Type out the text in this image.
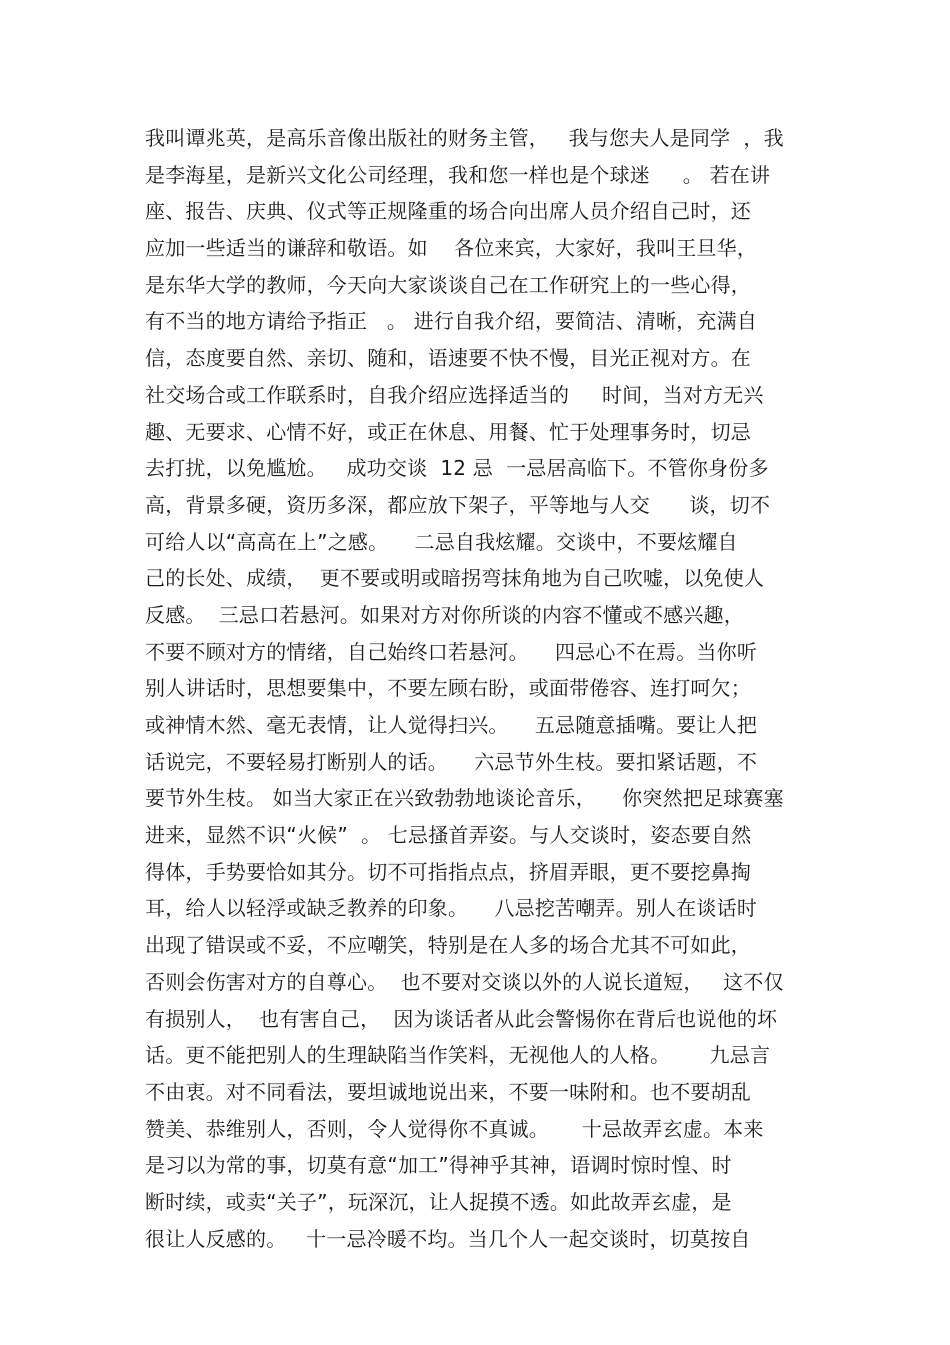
我叫谭兆英，是高乐音像出版社的财务主管，   我与您夫人是同学  ，我
是李海星，是新兴文化公司经理，我和您一样也是个球迷     。 若在讲
座、报告、庆典、仪式等正规隆重的场合向出席人员介绍自己时，还
应加一些适当的谦辞和敬语。如    各位来宾，大家好，我叫王旦华，
是东华大学的教师，今天向大家谈谈自己在工作研究上的一些心得，
有不当的地方请给予指正   。 进行自我介绍，要简洁、清晰，充满自
信，态度要自然、亲切、随和，语速要不快不慢，目光正视对方。在
社交场合或工作联系时，自我介绍应选择适当的     时间，当对方无兴
趣、无要求、心情不好，或正在休息、用餐、忙于处理事务时，切忌
去打扰，以免尴尬。   成功交谈  12 忌  一忌居高临下。不管你身份多
高，背景多硬，资历多深，都应放下架子，平等地与人交      谈，切不
可给人以“高高在上”之感。    二忌自我炫耀。交谈中，不要炫耀自
己的长处、成绩，  更不要或明或暗拐弯抹角地为自己吹嘘，以免使人
反感。  三忌口若悬河。如果对方对你所谈的内容不懂或不感兴趣，
不要不顾对方的情绪，自己始终口若悬河。    四忌心不在焉。当你听
别人讲话时，思想要集中，不要左顾右盼，或面带倦容、连打呵欠；
或神情木然、毫无表情，让人觉得扫兴。    五忌随意插嘴。要让人把
话说完，不要轻易打断别人的话。    六忌节外生枝。要扣紧话题，不
要节外生枝。 如当大家正在兴致勃勃地谈论音乐，    你突然把足球赛塞
进来，显然不识“火候”  。 七忌搔首弄姿。与人交谈时，姿态要自然
得体，手势要恰如其分。切不可指指点点，挤眉弄眼，更不要挖鼻掏
耳，给人以轻浮或缺乏教养的印象。    八忌挖苦嘲弄。别人在谈话时
出现了错误或不妥，不应嘲笑，特别是在人多的场合尤其不可如此，
否则会伤害对方的自尊心。  也不要对交谈以外的人说长道短，   这不仅
有损别人，  也有害自己，  因为谈话者从此会警惕你在背后也说他的坏
话。更不能把别人的生理缺陷当作笑料，无视他人的人格。      九忌言
不由衷。对不同看法，要坦诚地说出来，不要一味附和。也不要胡乱
赞美、恭维别人，否则，令人觉得你不真诚。     十忌故弄玄虚。本来
是习以为常的事，切莫有意“加工”得神乎其神，语调时惊时惶、时
断时续，或卖“关子”，玩深沉，让人捉摸不透。如此故弄玄虚，是
很让人反感的。   十一忌冷暖不均。当几个人一起交谈时，切莫按自
